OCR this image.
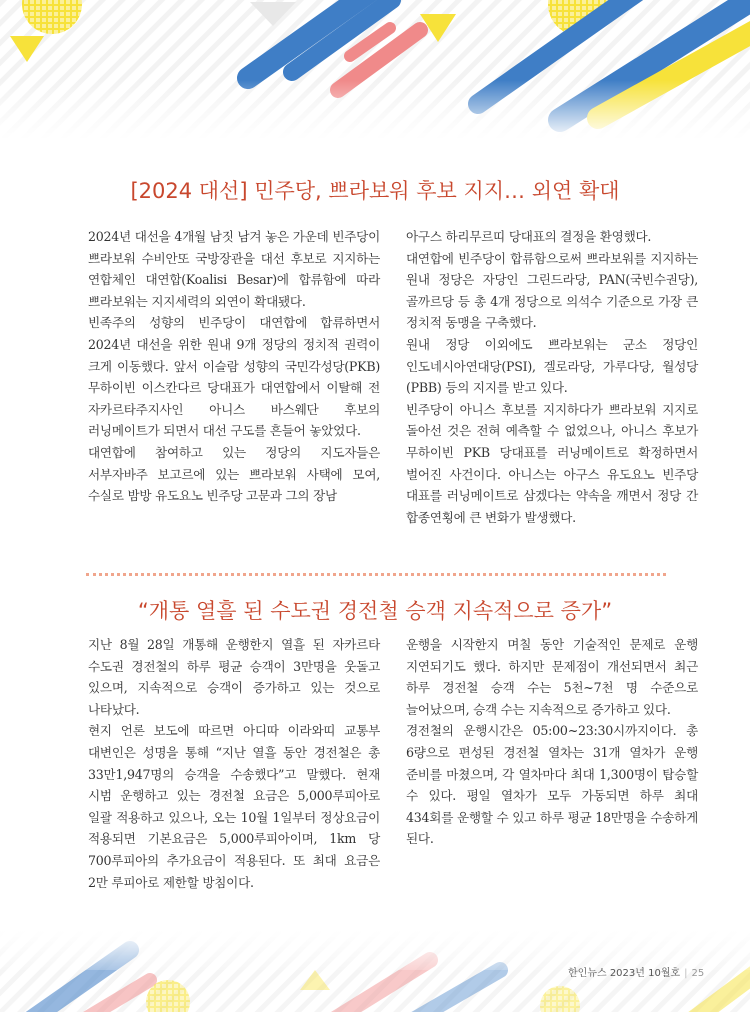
[2024 대선] 민주당, 쁘라보워 후보 지지… 외연 확대

2024년 대선을 4개월 남짓 남겨 놓은 가운데 빈주당이 쁘라보워 수비안또 국방장관을 대선 후보로 지지하는 연합체인 대연합(Koalisi Besar)에 합류함에 따라 쁘라보워는 지지세력의 외연이 확대됐다.

빈족주의 성향의 빈주당이 대연합에 합류하면서 2024년 대선을 위한 원내 9개 정당의 정치적 권력이 크게 이동했다. 앞서 이슬람 성향의 국민각성당(PKB) 무하이빈 이스칸다르 당대표가 대연합에서 이탈해 전 자카르타주지사인 아니스 바스웨단 후보의 러닝메이트가 되면서 대선 구도를 흔들어 놓았었다.

대연합에 참여하고 있는 정당의 지도자들은 서부자바주 보고르에 있는 쁘라보워 사택에 모여, 수실로 밤방 유도요노 빈주당 고문과 그의 장남

아구스 하리무르띠 당대표의 결정을 환영했다.

대연합에 빈주당이 합류함으로써 쁘라보워를 지지하는 원내 정당은 자당인 그린드라당, PAN(국빈수권당), 골까르당 등 총 4개 정당으로 의석수 기준으로 가장 큰 정치적 동맹을 구축했다.

원내 정당 이외에도 쁘라보워는 군소 정당인 인도네시아연대당(PSI), 겔로라당, 가루다당, 월성당(PBB) 등의 지지를 받고 있다.

빈주당이 아니스 후보를 지지하다가 쁘라보워 지지로 돌아선 것은 전혀 예측할 수 없었으나, 아니스 후보가 무하이빈 PKB 당대표를 러닝메이트로 확정하면서 벌어진 사건이다. 아니스는 아구스 유도요노 빈주당 대표를 러닝메이트로 삼겠다는 약속을 깨면서 정당 간 합종연횡에 큰 변화가 발생했다.

“개통 열흘 된 수도권 경전철 승객 지속적으로 증가”

지난 8월 28일 개통해 운행한지 열흘 된 자카르타 수도권 경전철의 하루 평균 승객이 3만명을 웃돌고 있으며, 지속적으로 승객이 증가하고 있는 것으로 나타났다.

현지 언론 보도에 따르면 아디따 이라와띠 교통부 대변인은 성명을 통해 “지난 열흘 동안 경전철은 총 33만1,947명의 승객을 수송했다”고 말했다. 현재 시범 운행하고 있는 경전철 요금은 5,000루피아로 일괄 적용하고 있으나, 오는 10월 1일부터 정상요금이 적용되면 기본요금은 5,000루피아이며, 1km 당 700루피아의 추가요금이 적용된다. 또 최대 요금은 2만 루피아로 제한할 방침이다.

운행을 시작한지 며칠 동안 기술적인 문제로 운행 지연되기도 했다. 하지만 문제점이 개선되면서 최근 하루 경전철 승객 수는 5천~7천 명 수준으로 늘어났으며, 승객 수는 지속적으로 증가하고 있다.

경전철의 운행시간은 05:00~23:30시까지이다. 총 6량으로 편성된 경전철 열차는 31개 열차가 운행 준비를 마쳤으며, 각 열차마다 최대 1,300명이 탑승할 수 있다. 평일 열차가 모두 가동되면 하루 최대 434회를 운행할 수 있고 하루 평균 18만명을 수송하게 된다.

한인뉴스 2023년 10월호 | 25
